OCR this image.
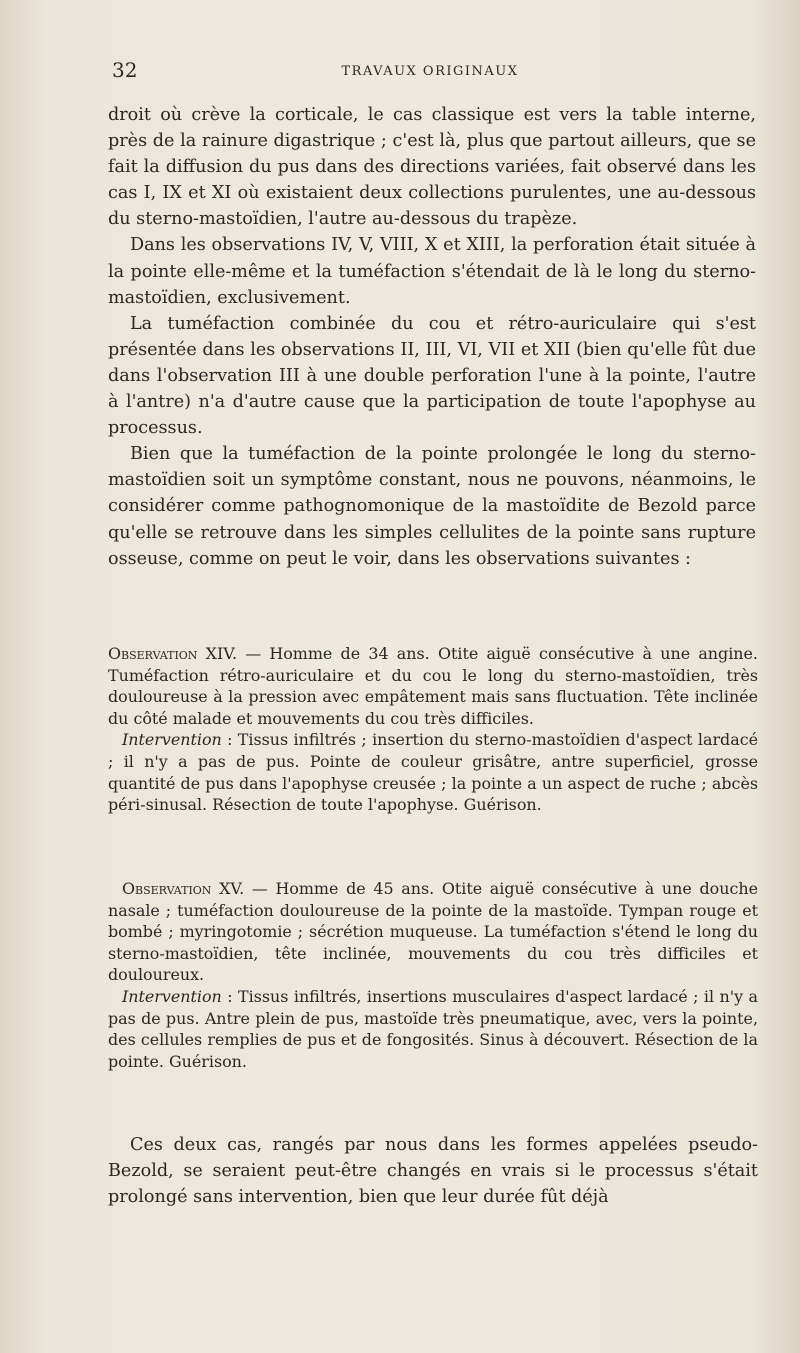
32	TRAVAUX ORIGINAUX

droit où crève la corticale, le cas classique est vers la table interne, près de la rainure digastrique ; c'est là, plus que partout ailleurs, que se fait la diffusion du pus dans des directions variées, fait observé dans les cas I, IX et XI où existaient deux collections purulentes, une au-dessous du sterno-mastoïdien, l'autre au-dessous du trapèze.

Dans les observations IV, V, VIII, X et XIII, la perforation était située à la pointe elle-même et la tuméfaction s'étendait de là le long du sterno-mastoïdien, exclusivement.

La tuméfaction combinée du cou et rétro-auriculaire qui s'est présentée dans les observations II, III, VI, VII et XII (bien qu'elle fût due dans l'observation III à une double perforation l'une à la pointe, l'autre à l'antre) n'a d'autre cause que la participation de toute l'apophyse au processus.

Bien que la tuméfaction de la pointe prolongée le long du sterno-mastoïdien soit un symptôme constant, nous ne pouvons, néanmoins, le considérer comme pathognomonique de la mastoïdite de Bezold parce qu'elle se retrouve dans les simples cellulites de la pointe sans rupture osseuse, comme on peut le voir, dans les observations suivantes :

Observation XIV. — Homme de 34 ans. Otite aiguë consécutive à une angine. Tuméfaction rétro-auriculaire et du cou le long du sterno-mastoïdien, très douloureuse à la pression avec empâtement mais sans fluctuation. Tête inclinée du côté malade et mouvements du cou très difficiles.

Intervention : Tissus infiltrés ; insertion du sterno-mastoïdien d'aspect lardacé ; il n'y a pas de pus. Pointe de couleur grisâtre, antre superficiel, grosse quantité de pus dans l'apophyse creusée ; la pointe a un aspect de ruche ; abcès péri-sinusal. Résection de toute l'apophyse. Guérison.

Observation XV. — Homme de 45 ans. Otite aiguë consécutive à une douche nasale ; tuméfaction douloureuse de la pointe de la mastoïde. Tympan rouge et bombé ; myringotomie ; sécrétion muqueuse. La tuméfaction s'étend le long du sterno-mastoïdien, tête inclinée, mouvements du cou très difficiles et douloureux.

Intervention : Tissus infiltrés, insertions musculaires d'aspect lardacé ; il n'y a pas de pus. Antre plein de pus, mastoïde très pneumatique, avec, vers la pointe, des cellules remplies de pus et de fongosités. Sinus à découvert. Résection de la pointe. Guérison.

Ces deux cas, rangés par nous dans les formes appelées pseudo-Bezold, se seraient peut-être changés en vrais si le processus s'était prolongé sans intervention, bien que leur durée fût déjà
